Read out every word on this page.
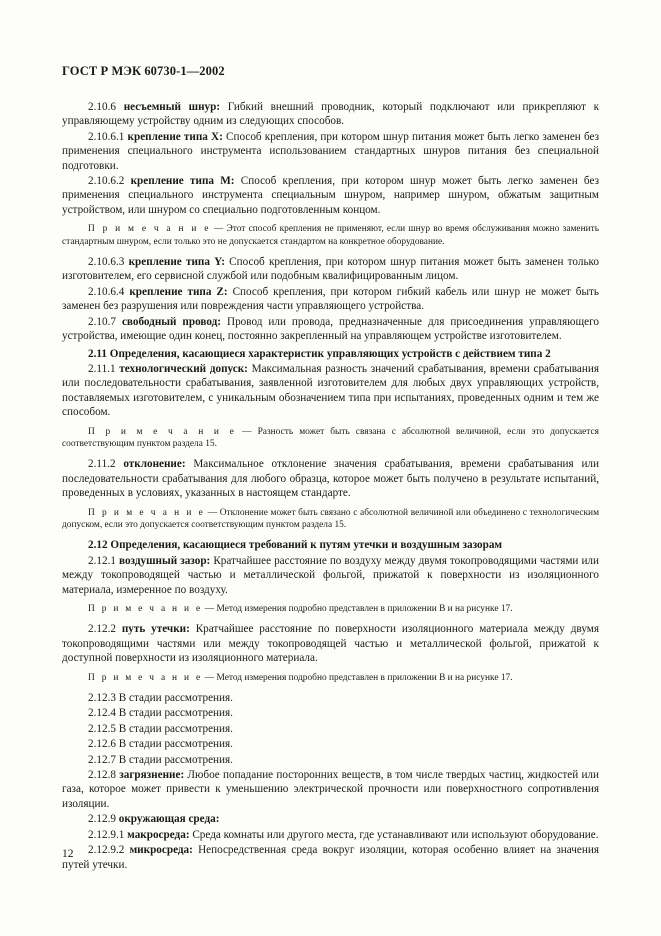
ГОСТ Р МЭК 60730-1—2002

2.10.6 несъемный шнур: Гибкий внешний проводник, который подключают или прикрепляют к управляющему устройству одним из следующих способов.

2.10.6.1 крепление типа X: Способ крепления, при котором шнур питания может быть легко заменен без применения специального инструмента использованием стандартных шнуров питания без специальной подготовки.

2.10.6.2 крепление типа M: Способ крепления, при котором шнур может быть легко заменен без применения специального инструмента специальным шнуром, например шнуром, обжатым защитным устройством, или шнуром со специально подготовленным концом.

П р и м е ч а н и е — Этот способ крепления не применяют, если шнур во время обслуживания можно заменить стандартным шнуром, если только это не допускается стандартом на конкретное оборудование.

2.10.6.3 крепление типа Y: Способ крепления, при котором шнур питания может быть заменен только изготовителем, его сервисной службой или подобным квалифицированным лицом.

2.10.6.4 крепление типа Z: Способ крепления, при котором гибкий кабель или шнур не может быть заменен без разрушения или повреждения части управляющего устройства.

2.10.7 свободный провод: Провод или провода, предназначенные для присоединения управляющего устройства, имеющие один конец, постоянно закрепленный на управляющем устройстве изготовителем.

2.11 Определения, касающиеся характеристик управляющих устройств с действием типа 2

2.11.1 технологический допуск: Максимальная разность значений срабатывания, времени срабатывания или последовательности срабатывания, заявленной изготовителем для любых двух управляющих устройств, поставляемых изготовителем, с уникальным обозначением типа при испытаниях, проведенных одним и тем же способом.

П р и м е ч а н и е — Разность может быть связана с абсолютной величиной, если это допускается соответствующим пунктом раздела 15.

2.11.2 отклонение: Максимальное отклонение значения срабатывания, времени срабатывания или последовательности срабатывания для любого образца, которое может быть получено в результате испытаний, проведенных в условиях, указанных в настоящем стандарте.

П р и м е ч а н и е — Отклонение может быть связано с абсолютной величиной или объединено с технологическим допуском, если это допускается соответствующим пунктом раздела 15.

2.12 Определения, касающиеся требований к путям утечки и воздушным зазорам

2.12.1 воздушный зазор: Кратчайшее расстояние по воздуху между двумя токопроводящими частями или между токопроводящей частью и металлической фольгой, прижатой к поверхности из изоляционного материала, измеренное по воздуху.

П р и м е ч а н и е — Метод измерения подробно представлен в приложении B и на рисунке 17.

2.12.2 путь утечки: Кратчайшее расстояние по поверхности изоляционного материала между двумя токопроводящими частями или между токопроводящей частью и металлической фольгой, прижатой к доступной поверхности из изоляционного материала.

П р и м е ч а н и е — Метод измерения подробно представлен в приложении B и на рисунке 17.

2.12.3 В стадии рассмотрения.

2.12.4 В стадии рассмотрения.

2.12.5 В стадии рассмотрения.

2.12.6 В стадии рассмотрения.

2.12.7 В стадии рассмотрения.

2.12.8 загрязнение: Любое попадание посторонних веществ, в том числе твердых частиц, жидкостей или газа, которое может привести к уменьшению электрической прочности или поверхностного сопротивления изоляции.

2.12.9 окружающая среда:

2.12.9.1 макросреда: Среда комнаты или другого места, где устанавливают или используют оборудование.

2.12.9.2 микросреда: Непосредственная среда вокруг изоляции, которая особенно влияет на значения путей утечки.

12
